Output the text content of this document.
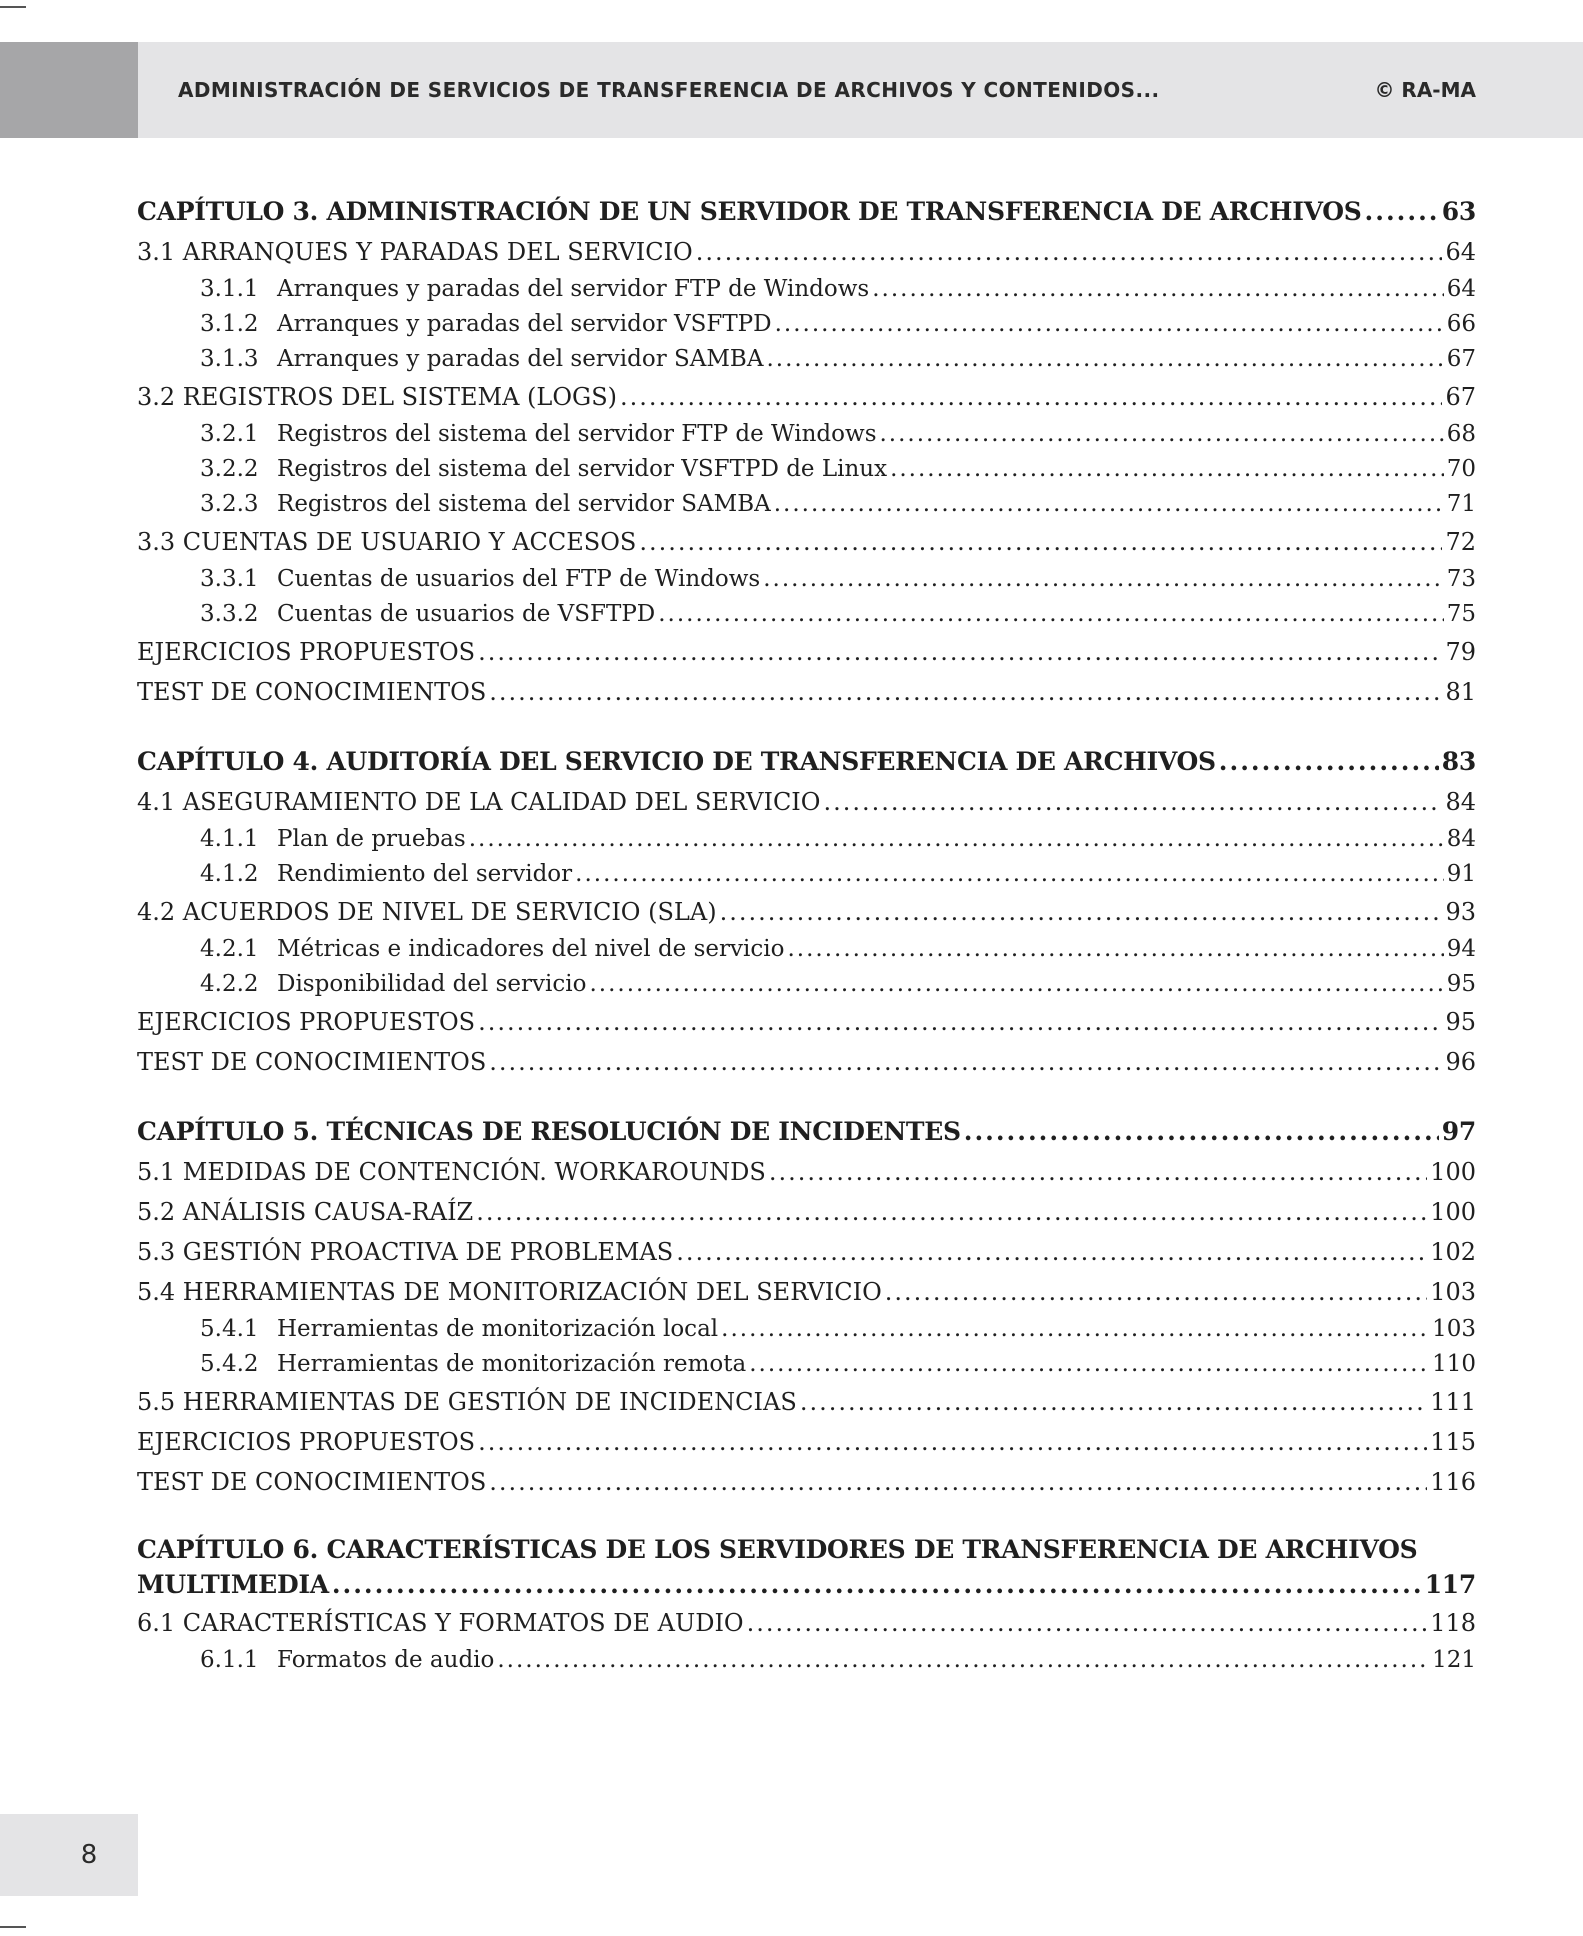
ADMINISTRACIÓN DE SERVICIOS DE TRANSFERENCIA DE ARCHIVOS Y CONTENIDOS...	© RA-MA
CAPÍTULO 3. ADMINISTRACIÓN DE UN SERVIDOR DE TRANSFERENCIA DE ARCHIVOS .....	63
3.1 ARRANQUES Y PARADAS DEL SERVICIO .....	64
3.1.1 Arranques y paradas del servidor FTP de Windows .....	64
3.1.2 Arranques y paradas del servidor VSFTPD .....	66
3.1.3 Arranques y paradas del servidor SAMBA .....	67
3.2 REGISTROS DEL SISTEMA (LOGS) .....	67
3.2.1 Registros del sistema del servidor FTP de Windows .....	68
3.2.2 Registros del sistema del servidor VSFTPD de Linux .....	70
3.2.3 Registros del sistema del servidor SAMBA .....	71
3.3 CUENTAS DE USUARIO Y ACCESOS .....	72
3.3.1 Cuentas de usuarios del FTP de Windows .....	73
3.3.2 Cuentas de usuarios de VSFTPD .....	75
EJERCICIOS PROPUESTOS .....	79
TEST DE CONOCIMIENTOS .....	81
CAPÍTULO 4. AUDITORÍA DEL SERVICIO DE TRANSFERENCIA DE ARCHIVOS .....	83
4.1 ASEGURAMIENTO DE LA CALIDAD DEL SERVICIO .....	84
4.1.1 Plan de pruebas .....	84
4.1.2 Rendimiento del servidor .....	91
4.2 ACUERDOS DE NIVEL DE SERVICIO (SLA) .....	93
4.2.1 Métricas e indicadores del nivel de servicio .....	94
4.2.2 Disponibilidad del servicio .....	95
EJERCICIOS PROPUESTOS .....	95
TEST DE CONOCIMIENTOS .....	96
CAPÍTULO 5. TÉCNICAS DE RESOLUCIÓN DE INCIDENTES .....	97
5.1 MEDIDAS DE CONTENCIÓN. WORKAROUNDS .....	100
5.2 ANÁLISIS CAUSA-RAÍZ .....	100
5.3 GESTIÓN PROACTIVA DE PROBLEMAS .....	102
5.4 HERRAMIENTAS DE MONITORIZACIÓN DEL SERVICIO .....	103
5.4.1 Herramientas de monitorización local .....	103
5.4.2 Herramientas de monitorización remota .....	110
5.5 HERRAMIENTAS DE GESTIÓN DE INCIDENCIAS .....	111
EJERCICIOS PROPUESTOS .....	115
TEST DE CONOCIMIENTOS .....	116
CAPÍTULO 6. CARACTERÍSTICAS DE LOS SERVIDORES DE TRANSFERENCIA DE ARCHIVOS
MULTIMEDIA .....	117
6.1 CARACTERÍSTICAS Y FORMATOS DE AUDIO .....	118
6.1.1 Formatos de audio .....	121
8
